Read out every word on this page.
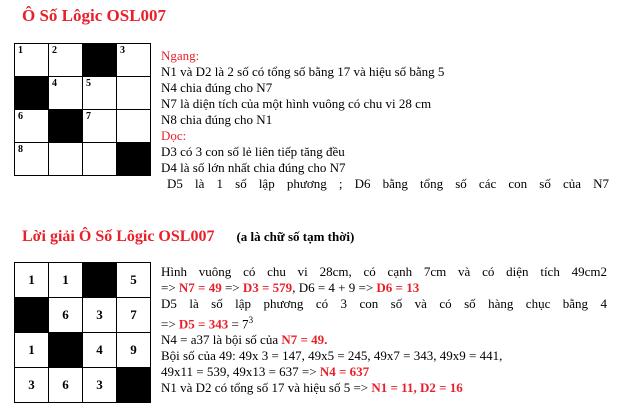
Ô Số Lôgic OSL007
1	2		3

	4	5	

6		7	

8			

Ngang:
N1 và D2 là 2 số có tổng số bằng 17 và hiệu số bằng 5
N4 chia đúng cho N7
N7 là diện tích của một hình vuông có chu vi 28 cm
N8 chia đúng cho N1
Dọc:
D3 có 3 con số lẻ liên tiếp tăng đều
D4 là số lớn nhất chia đúng cho N7
D5 là 1 số lập phương ; D6 bằng tổng số các con số của N7
Lời giải Ô Số Lôgic OSL007 (a là chữ số tạm thời)
1	1		5
	6	3	7
1		4	9
3	6	3	
Hình vuông có chu vi 28cm, có cạnh 7cm và có diện tích 49cm2
=> N7 = 49 => D3 = 579, D6 = 4 + 9 => D6 = 13
D5 là số lập phương có 3 con số và có số hàng chục bằng 4
=> $D5 = 343 = 7^3$
N4 = a37 là bội số của N7 = 49.
Bội số của 49: 49x 3 = 147, 49x5 = 245, 49x7 = 343, 49x9 = 441,
49x11 = 539, 49x13 = 637 => N4 = 637
N1 và D2 có tổng số 17 và hiệu số 5 => N1 = 11, D2 = 16
